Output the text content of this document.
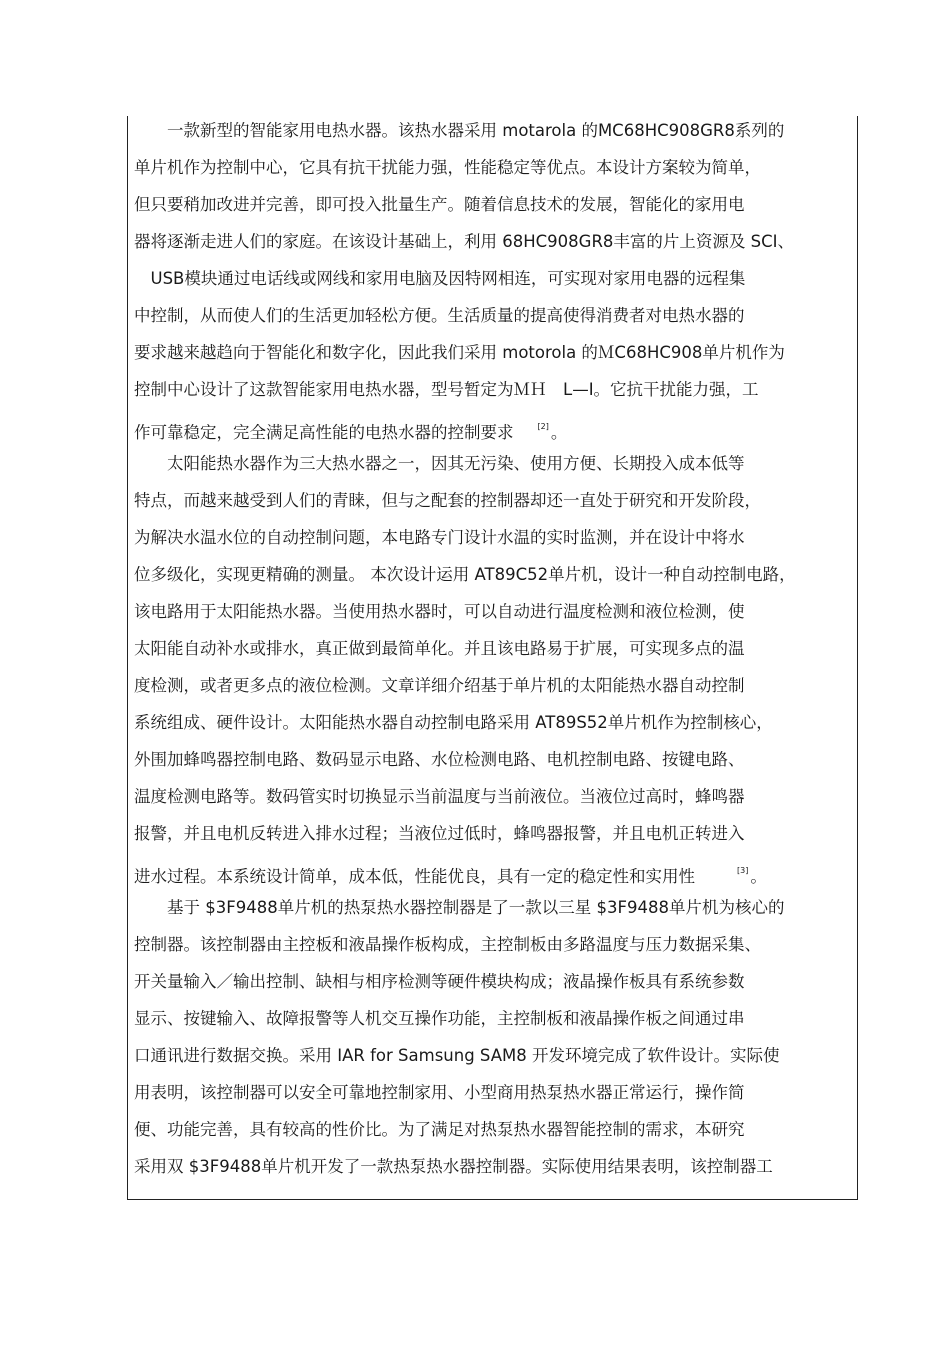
　　一款新型的智能家用电热水器。该热水器采用 motarola 的MC68HC908GR8系列的
单片机作为控制中心，它具有抗干扰能力强，性能稳定等优点。本设计方案较为简单，
但只要稍加改进并完善，即可投入批量生产。随着信息技术的发展，智能化的家用电
器将逐渐走进人们的家庭。在该设计基础上，利用 68HC908GR8丰富的片上资源及 SCI、
　USB模块通过电话线或网线和家用电脑及因特网相连，可实现对家用电器的远程集
中控制，从而使人们的生活更加轻松方便。生活质量的提高使得消费者对电热水器的
要求越来越趋向于智能化和数字化，因此我们采用 motorola 的ＭC68HC908单片机作为
控制中心设计了这款智能家用电热水器，型号暂定为ＭＨ　L—Ⅰ。它抗干扰能力强，工
作可靠稳定，完全满足高性能的电热水器的控制要求	[2] 。
　　太阳能热水器作为三大热水器之一，因其无污染、使用方便、长期投入成本低等
特点，而越来越受到人们的青睐，但与之配套的控制器却还一直处于研究和开发阶段，
为解决水温水位的自动控制问题，本电路专门设计水温的实时监测，并在设计中将水
位多级化，实现更精确的测量。 本次设计运用 AT89C52单片机，设计一种自动控制电路，
该电路用于太阳能热水器。当使用热水器时，可以自动进行温度检测和液位检测，使
太阳能自动补水或排水，真正做到最简单化。并且该电路易于扩展，可实现多点的温
度检测，或者更多点的液位检测。文章详细介绍基于单片机的太阳能热水器自动控制
系统组成、硬件设计。太阳能热水器自动控制电路采用 AT89S52单片机作为控制核心，
外围加蜂鸣器控制电路、数码显示电路、水位检测电路、电机控制电路、按键电路、
温度检测电路等。数码管实时切换显示当前温度与当前液位。当液位过高时，蜂鸣器
报警，并且电机反转进入排水过程；当液位过低时，蜂鸣器报警，并且电机正转进入
进水过程。本系统设计简单，成本低，性能优良，具有一定的稳定性和实用性	[3] 。
　　基于 $3F9488单片机的热泵热水器控制器是了一款以三星 $3F9488单片机为核心的
控制器。该控制器由主控板和液晶操作板构成，主控制板由多路温度与压力数据采集、
开关量输入／输出控制、缺相与相序检测等硬件模块构成；液晶操作板具有系统参数
显示、按键输入、故障报警等人机交互操作功能，主控制板和液晶操作板之间通过串
口通讯进行数据交换。采用 IAR for Samsung SAM8 开发环境完成了软件设计。实际使
用表明，该控制器可以安全可靠地控制家用、小型商用热泵热水器正常运行，操作简
便、功能完善，具有较高的性价比。为了满足对热泵热水器智能控制的需求，本研究
采用双 $3F9488单片机开发了一款热泵热水器控制器。实际使用结果表明，该控制器工
